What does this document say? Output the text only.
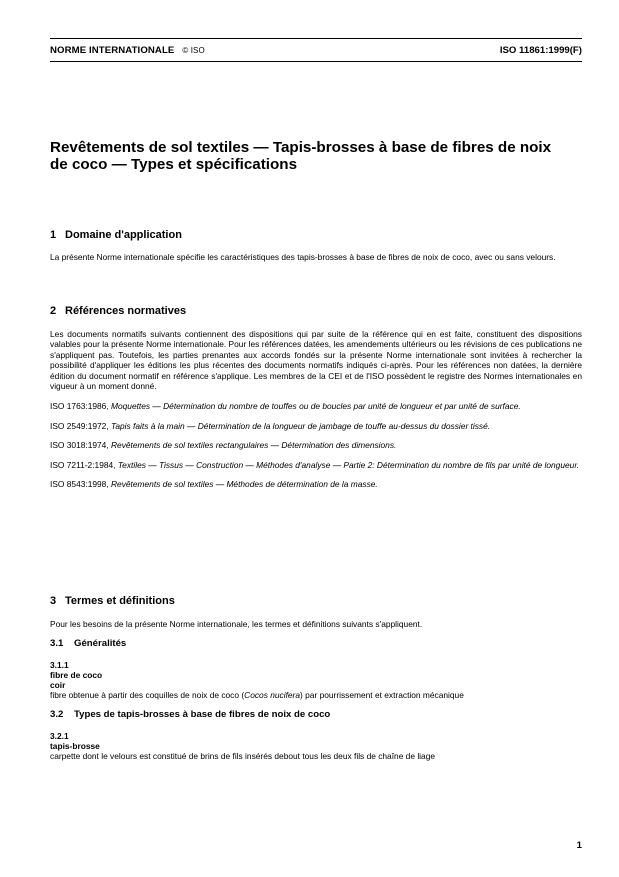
NORME INTERNATIONALE © ISO	ISO 11861:1999(F)
Revêtements de sol textiles — Tapis-brosses à base de fibres de noix de coco — Types et spécifications
1 Domaine d'application

La présente Norme internationale spécifie les caractéristiques des tapis-brosses à base de fibres de noix de coco, avec ou sans velours.

2 Références normatives

Les documents normatifs suivants contiennent des dispositions qui par suite de la référence qui en est faite, constituent des dispositions valables pour la présente Norme internationale. Pour les références datées, les amendements ultérieurs ou les révisions de ces publications ne s'appliquent pas. Toutefois, les parties prenantes aux accords fondés sur la présente Norme internationale sont invitées à rechercher la possibilité d'appliquer les éditions les plus récentes des documents normatifs indiqués ci-après. Pour les références non datées, la dernière édition du document normatif en référence s'applique. Les membres de la CEI et de l'ISO possèdent le registre des Normes internationales en vigueur à un moment donné.

ISO 1763:1986, Moquettes — Détermination du nombre de touffes ou de boucles par unité de longueur et par unité de surface.

ISO 2549:1972, Tapis faits à la main — Détermination de la longueur de jambage de touffe au-dessus du dossier tissé.

ISO 3018:1974, Revêtements de sol textiles rectangulaires — Détermination des dimensions.

ISO 7211-2:1984, Textiles — Tissus — Construction — Méthodes d'analyse — Partie 2: Détermination du nombre de fils par unité de longueur.

ISO 8543:1998, Revêtements de sol textiles — Méthodes de détermination de la masse.

3 Termes et définitions

Pour les besoins de la présente Norme internationale, les termes et définitions suivants s'appliquent.

3.1 Généralités

3.1.1

fibre de coco

coir

fibre obtenue à partir des coquilles de noix de coco (Cocos nucifera) par pourrissement et extraction mécanique

3.2 Types de tapis-brosses à base de fibres de noix de coco

3.2.1

tapis-brosse

carpette dont le velours est constitué de brins de fils insérés debout tous les deux fils de chaîne de liage

1
